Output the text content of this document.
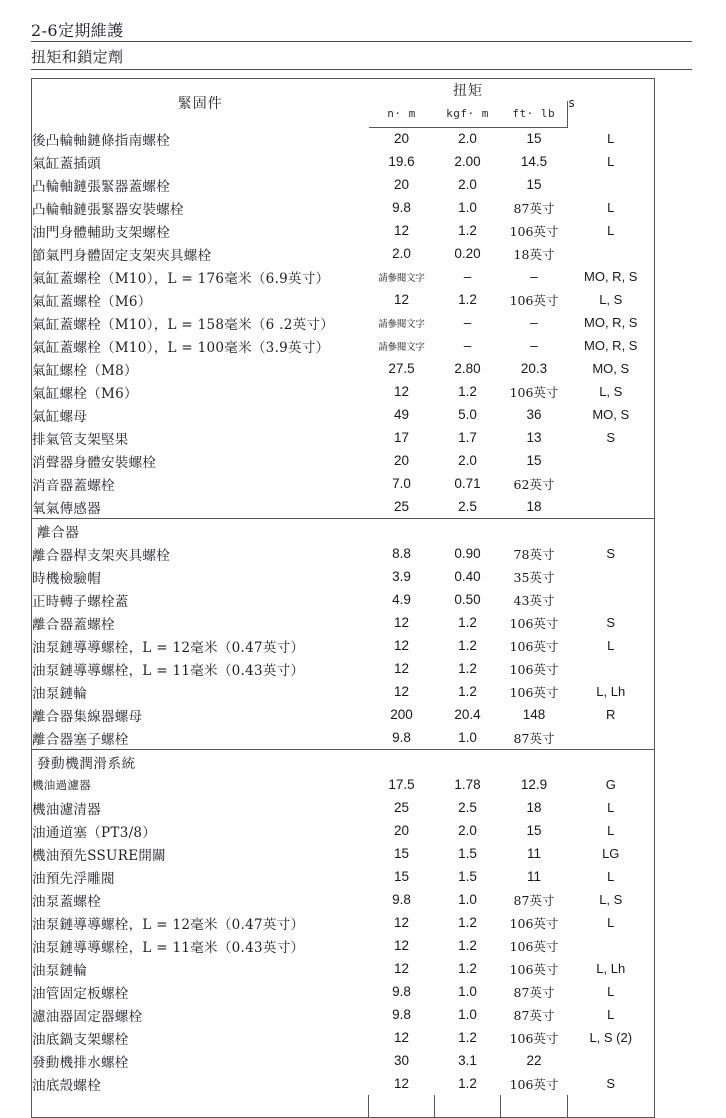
2-6定期維護
扭矩和鎖定劑
緊固件	扭矩			s
	n· m	kgf· m	ft· lb	
後凸輪軸鏈條指南螺栓	20	2.0	15	L
氣缸蓋插頭	19.6	2.00	14.5	L
凸輪軸鏈張緊器蓋螺栓	20	2.0	15	
凸輪軸鏈張緊器安裝螺栓	9.8	1.0	87英寸	L
油門身體輔助支架螺栓	12	1.2	106英寸	L
節氣門身體固定支架夾具螺栓	2.0	0.20	18英寸	
氣缸蓋螺栓（M10），L = 176毫米（6.9英寸）	請參閱文字	–	–	MO, R, S
氣缸蓋螺栓（M6）	12	1.2	106英寸	L, S
氣缸蓋螺栓（M10），L = 158毫米（6 .2英寸）	請參閱文字	–	–	MO, R, S
氣缸蓋螺栓（M10），L = 100毫米（3.9英寸）	請參閱文字	–	–	MO, R, S
氣缸螺栓（M8）	27.5	2.80	20.3	MO, S
氣缸螺栓（M6）	12	1.2	106英寸	L, S
氣缸螺母	49	5.0	36	MO, S
排氣管支架堅果	17	1.7	13	S
消聲器身體安裝螺栓	20	2.0	15	
消音器蓋螺栓	7.0	0.71	62英寸	
氧氣傳感器	25	2.5	18	
離合器				
離合器桿支架夾具螺栓	8.8	0.90	78英寸	S
時機檢驗帽	3.9	0.40	35英寸	
正時轉子螺栓蓋	4.9	0.50	43英寸	
離合器蓋螺栓	12	1.2	106英寸	S
油泵鏈導導螺栓，L = 12毫米（0.47英寸）	12	1.2	106英寸	L
油泵鏈導導螺栓，L = 11毫米（0.43英寸）	12	1.2	106英寸	
油泵鏈輪	12	1.2	106英寸	L, Lh
離合器集線器螺母	200	20.4	148	R
離合器塞子螺栓	9.8	1.0	87英寸	
發動機潤滑系統				
機油過濾器	17.5	1.78	12.9	G
機油濾清器	25	2.5	18	L
油通道塞（PT3/8）	20	2.0	15	L
機油預先SSURE開關	15	1.5	11	LG
油預先浮雕閥	15	1.5	11	L
油泵蓋螺栓	9.8	1.0	87英寸	L, S
油泵鏈導導螺栓，L = 12毫米（0.47英寸）	12	1.2	106英寸	L
油泵鏈導導螺栓，L = 11毫米（0.43英寸）	12	1.2	106英寸	
油泵鏈輪	12	1.2	106英寸	L, Lh
油管固定板螺栓	9.8	1.0	87英寸	L
濾油器固定器螺栓	9.8	1.0	87英寸	L
油底鍋支架螺栓	12	1.2	106英寸	L, S (2)
發動機排水螺栓	30	3.1	22	
油底殼螺栓	12	1.2	106英寸	S
